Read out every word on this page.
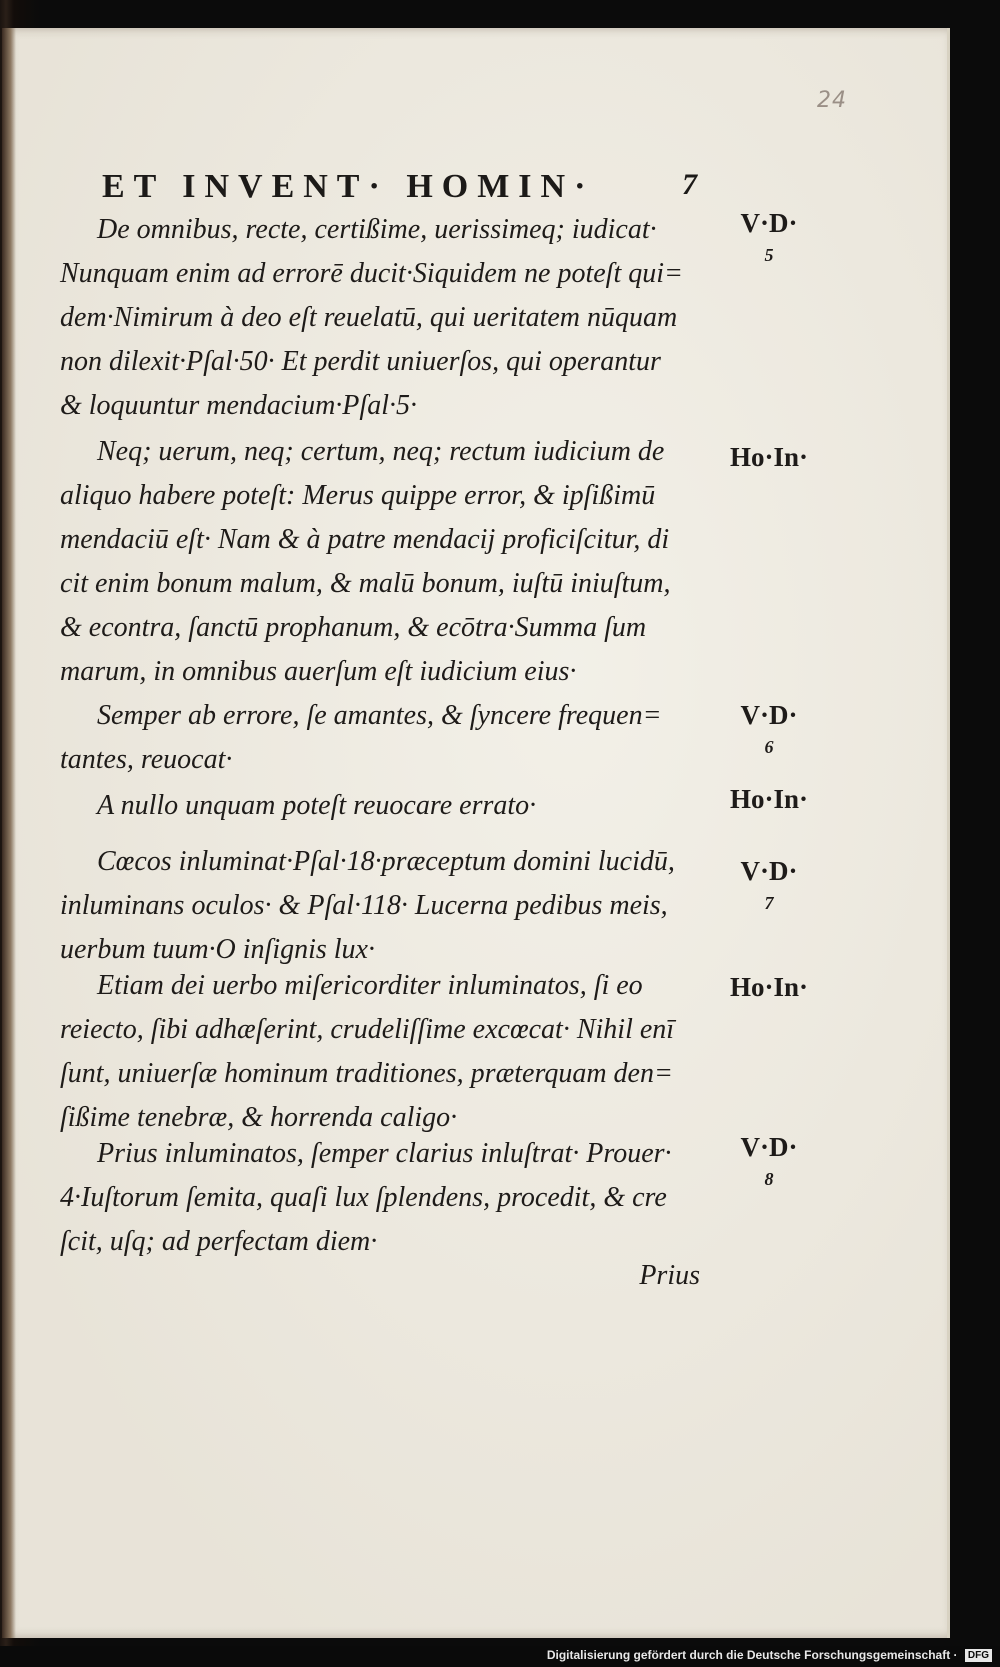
24
ET INVENT· HOMIN·	7
De omnibus, recte, certißime, uerissimeq; iudicat·
Nunquam enim ad errorē ducit·Siquidem ne poteſt qui=
dem·Nimirum à deo eſt reuelatū, qui ueritatem nūquam
non dilexit·Pſal·50· Et perdit uniuerſos, qui operantur
& loquuntur mendacium·Pſal·5·
V·D·
5
Neq; uerum, neq; certum, neq; rectum iudicium de
aliquo habere poteſt: Merus quippe error, & ipſißimū
mendaciū eſt· Nam & à patre mendacij proficiſcitur, di
cit enim bonum malum, & malū bonum, iuſtū iniuſtum,
& econtra, ſanctū prophanum, & ecōtra·Summa ſum
marum, in omnibus auerſum eſt iudicium eius·
Ho·In·
Semper ab errore, ſe amantes, & ſyncere frequen=
tantes, reuocat·
V·D·
6
A nullo unquam poteſt reuocare errato·	Ho·In·
Cœcos inluminat·Pſal·18·præceptum domini lucidū,
inluminans oculos· & Pſal·118· Lucerna pedibus meis,
uerbum tuum·O inſignis lux·
V·D·
7
Etiam dei uerbo miſericorditer inluminatos, ſi eo
reiecto, ſibi adhæſerint, crudeliſſime excœcat· Nihil enī
ſunt, uniuerſæ hominum traditiones, præterquam den=
ſißime tenebræ, & horrenda caligo·
Ho·In·
Prius inluminatos, ſemper clarius inluſtrat· Prouer·
4·Iuſtorum ſemita, quaſi lux ſplendens, procedit, & cre
ſcit, uſq; ad perfectam diem·
V·D·
8
Prius
Digitalisierung gefördert durch die Deutsche Forschungsgemeinschaft · DFG
